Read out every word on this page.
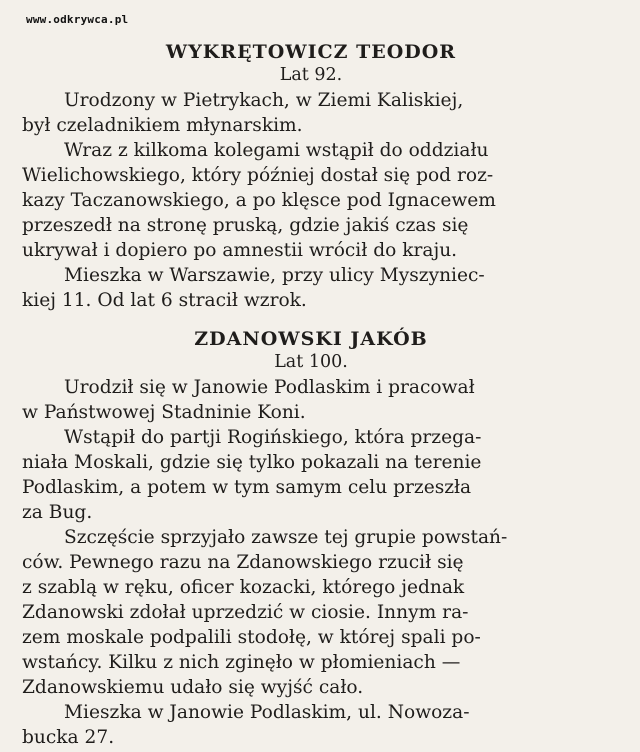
www.odkrywca.pl
WYKRĘTOWICZ TEODOR
Lat 92.
Urodzony w Pietrykach, w Ziemi Kaliskiej,
był czeladnikiem młynarskim.
Wraz z kilkoma kolegami wstąpił do oddziału
Wielichowskiego, który później dostał się pod roz-
kazy Taczanowskiego, a po klęsce pod Ignacewem
przeszedł na stronę pruską, gdzie jakiś czas się
ukrywał i dopiero po amnestii wrócił do kraju.
Mieszka w Warszawie, przy ulicy Myszyniec-
kiej 11. Od lat 6 stracił wzrok.
ZDANOWSKI JAKÓB
Lat 100.
Urodził się w Janowie Podlaskim i pracował
w Państwowej Stadninie Koni.
Wstąpił do partji Rogińskiego, która przega-
niała Moskali, gdzie się tylko pokazali na terenie
Podlaskim, a potem w tym samym celu przeszła
za Bug.
Szczęście sprzyjało zawsze tej grupie powstań-
ców. Pewnego razu na Zdanowskiego rzucił się
z szablą w ręku, oficer kozacki, którego jednak
Zdanowski zdołał uprzedzić w ciosie. Innym ra-
zem moskale podpalili stodołę, w której spali po-
wstańcy. Kilku z nich zginęło w płomieniach —
Zdanowskiemu udało się wyjść cało.
Mieszka w Janowie Podlaskim, ul. Nowoza-
bucka 27.
